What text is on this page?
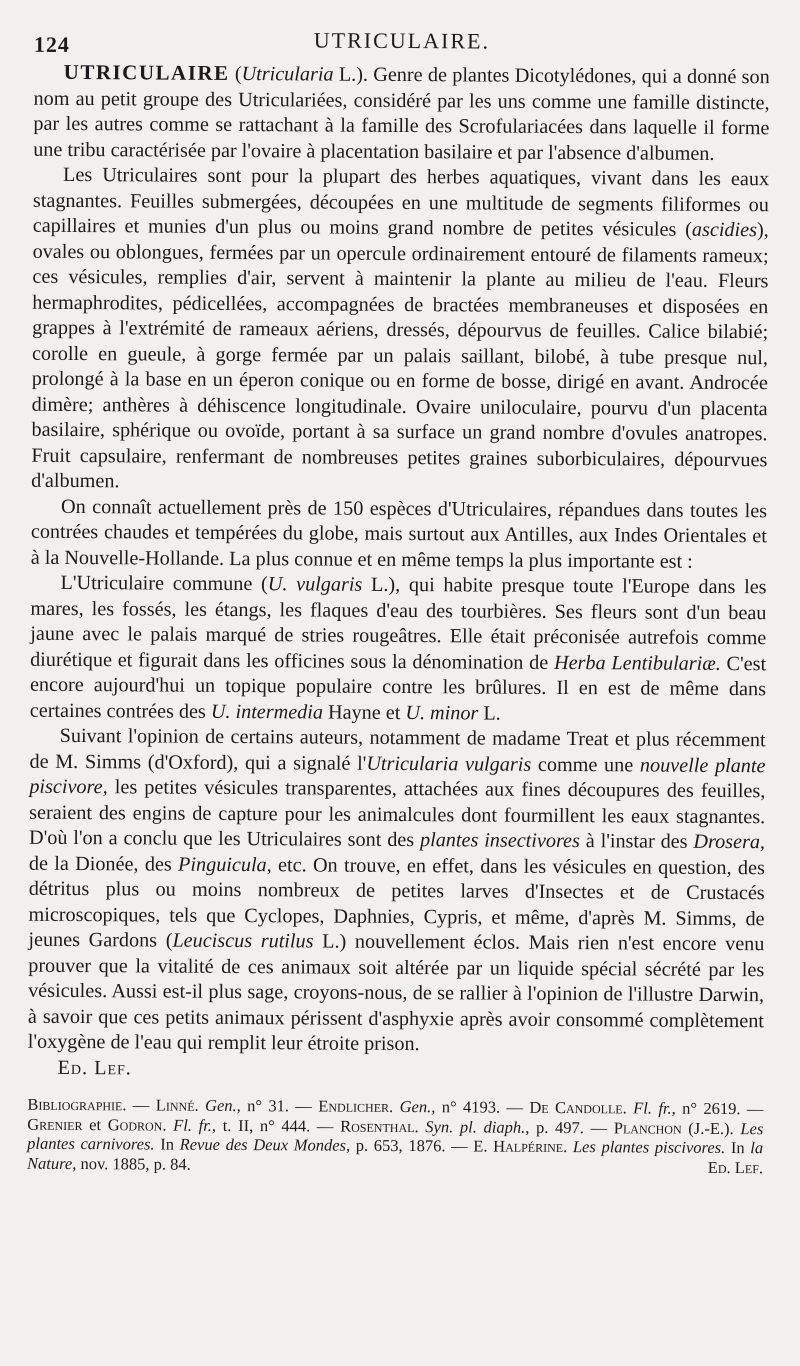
124	UTRICULAIRE.

UTRICULAIRE (Utricularia L.). Genre de plantes Dicotylédones, qui a donné son nom au petit groupe des Utriculariées, considéré par les uns comme une famille distincte, par les autres comme se rattachant à la famille des Scrofulariacées dans laquelle il forme une tribu caractérisée par l'ovaire à placentation basilaire et par l'absence d'albumen.

Les Utriculaires sont pour la plupart des herbes aquatiques, vivant dans les eaux stagnantes. Feuilles submergées, découpées en une multitude de segments filiformes ou capillaires et munies d'un plus ou moins grand nombre de petites vésicules (ascidies), ovales ou oblongues, fermées par un opercule ordinairement entouré de filaments rameux; ces vésicules, remplies d'air, servent à maintenir la plante au milieu de l'eau. Fleurs hermaphrodites, pédicellées, accompagnées de bractées membraneuses et disposées en grappes à l'extrémité de rameaux aériens, dressés, dépourvus de feuilles. Calice bilabié; corolle en gueule, à gorge fermée par un palais saillant, bilobé, à tube presque nul, prolongé à la base en un éperon conique ou en forme de bosse, dirigé en avant. Androcée dimère; anthères à déhiscence longitudinale. Ovaire uniloculaire, pourvu d'un placenta basilaire, sphérique ou ovoïde, portant à sa surface un grand nombre d'ovules anatropes. Fruit capsulaire, renfermant de nombreuses petites graines suborbiculaires, dépourvues d'albumen.

On connaît actuellement près de 150 espèces d'Utriculaires, répandues dans toutes les contrées chaudes et tempérées du globe, mais surtout aux Antilles, aux Indes Orientales et à la Nouvelle-Hollande. La plus connue et en même temps la plus importante est :

L'Utriculaire commune (U. vulgaris L.), qui habite presque toute l'Europe dans les mares, les fossés, les étangs, les flaques d'eau des tourbières. Ses fleurs sont d'un beau jaune avec le palais marqué de stries rougeâtres. Elle était préconisée autrefois comme diurétique et figurait dans les officines sous la dénomination de Herba Lentibulariæ. C'est encore aujourd'hui un topique populaire contre les brûlures. Il en est de même dans certaines contrées des U. intermedia Hayne et U. minor L.

Suivant l'opinion de certains auteurs, notamment de madame Treat et plus récemment de M. Simms (d'Oxford), qui a signalé l'Utricularia vulgaris comme une nouvelle plante piscivore, les petites vésicules transparentes, attachées aux fines découpures des feuilles, seraient des engins de capture pour les animalcules dont fourmillent les eaux stagnantes. D'où l'on a conclu que les Utriculaires sont des plantes insectivores à l'instar des Drosera, de la Dionée, des Pinguicula, etc. On trouve, en effet, dans les vésicules en question, des détritus plus ou moins nombreux de petites larves d'Insectes et de Crustacés microscopiques, tels que Cyclopes, Daphnies, Cypris, et même, d'après M. Simms, de jeunes Gardons (Leuciscus rutilus L.) nouvellement éclos. Mais rien n'est encore venu prouver que la vitalité de ces animaux soit altérée par un liquide spécial sécrété par les vésicules. Aussi est-il plus sage, croyons-nous, de se rallier à l'opinion de l'illustre Darwin, à savoir que ces petits animaux périssent d'asphyxie après avoir consommé complètement l'oxygène de l'eau qui remplit leur étroite prison.

Ed. Lef.

Bibliographie. — Linné. Gen., n° 31. — Endlicher. Gen., n° 4193. — De Candolle. Fl. fr., n° 2619. — Grenier et Godron. Fl. fr., t. II, n° 444. — Rosenthal. Syn. pl. diaph., p. 497. — Planchon (J.-E.). Les plantes carnivores. In Revue des Deux Mondes, p. 653, 1876. — E. Halpérine. Les plantes piscivores. In la Nature, nov. 1885, p. 84.	Ed. Lef.
